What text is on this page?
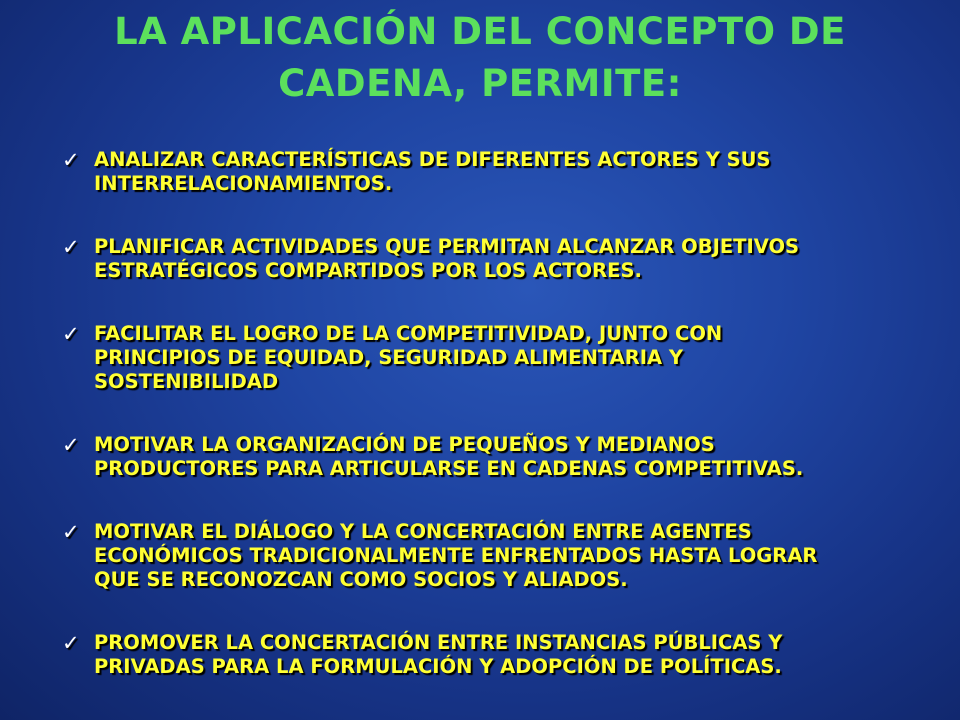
LA APLICACIÓN DEL CONCEPTO DE
CADENA, PERMITE:
✓ ANALIZAR CARACTERÍSTICAS DE DIFERENTES ACTORES Y SUS
INTERRELACIONAMIENTOS.
✓ PLANIFICAR ACTIVIDADES QUE PERMITAN ALCANZAR OBJETIVOS
ESTRATÉGICOS COMPARTIDOS POR LOS ACTORES.
✓ FACILITAR EL LOGRO DE LA COMPETITIVIDAD, JUNTO CON
PRINCIPIOS DE EQUIDAD, SEGURIDAD ALIMENTARIA Y
SOSTENIBILIDAD
✓ MOTIVAR LA ORGANIZACIÓN DE PEQUEÑOS Y MEDIANOS
PRODUCTORES PARA ARTICULARSE EN CADENAS COMPETITIVAS.
✓ MOTIVAR EL DIÁLOGO Y LA CONCERTACIÓN ENTRE AGENTES
ECONÓMICOS TRADICIONALMENTE ENFRENTADOS HASTA LOGRAR
QUE SE RECONOZCAN COMO SOCIOS Y ALIADOS.
✓ PROMOVER LA CONCERTACIÓN ENTRE INSTANCIAS PÚBLICAS Y
PRIVADAS PARA LA FORMULACIÓN Y ADOPCIÓN DE POLÍTICAS.
